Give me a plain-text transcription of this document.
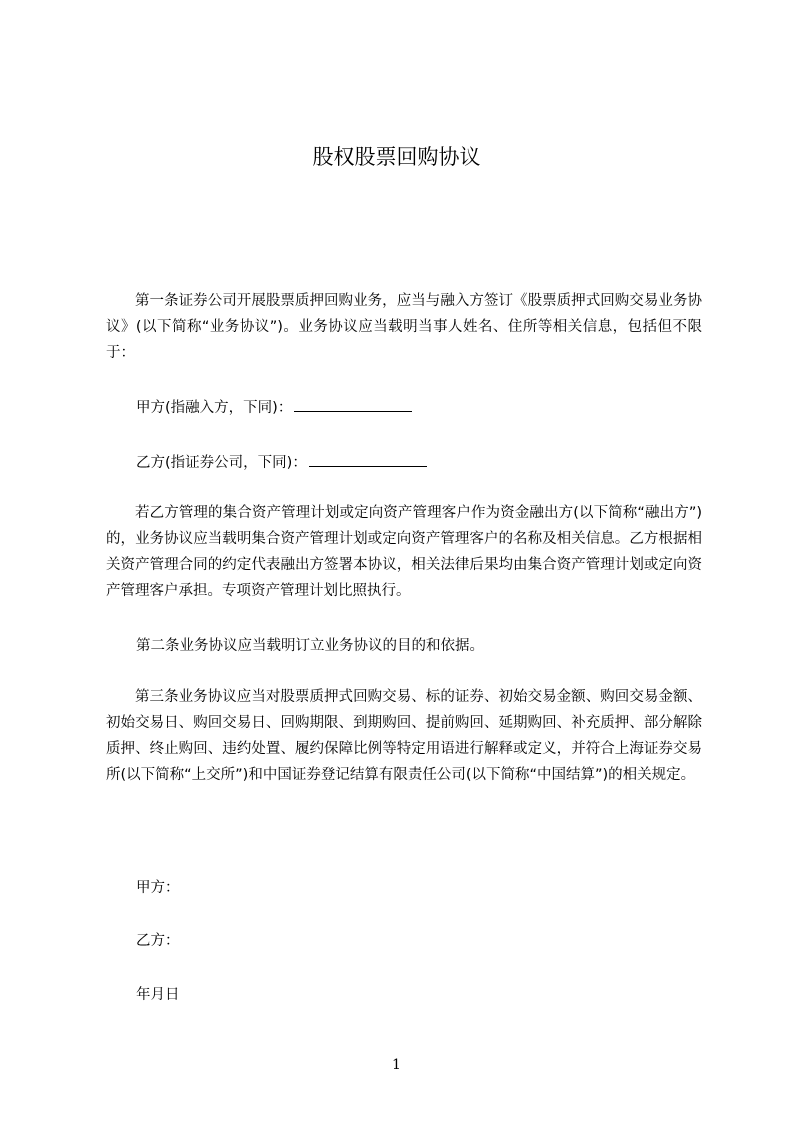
股权股票回购协议

第一条证券公司开展股票质押回购业务，应当与融入方签订《股票质押式回购交易业务协议》(以下简称“业务协议”)。业务协议应当载明当事人姓名、住所等相关信息，包括但不限于：

甲方(指融入方，下同)：

乙方(指证券公司，下同)：

若乙方管理的集合资产管理计划或定向资产管理客户作为资金融出方(以下简称“融出方”)的，业务协议应当载明集合资产管理计划或定向资产管理客户的名称及相关信息。乙方根据相关资产管理合同的约定代表融出方签署本协议，相关法律后果均由集合资产管理计划或定向资产管理客户承担。专项资产管理计划比照执行。

第二条业务协议应当载明订立业务协议的目的和依据。

第三条业务协议应当对股票质押式回购交易、标的证券、初始交易金额、购回交易金额、初始交易日、购回交易日、回购期限、到期购回、提前购回、延期购回、补充质押、部分解除质押、终止购回、违约处置、履约保障比例等特定用语进行解释或定义，并符合上海证券交易所(以下简称“上交所”)和中国证券登记结算有限责任公司(以下简称“中国结算”)的相关规定。

甲方：

乙方：

年月日

1
